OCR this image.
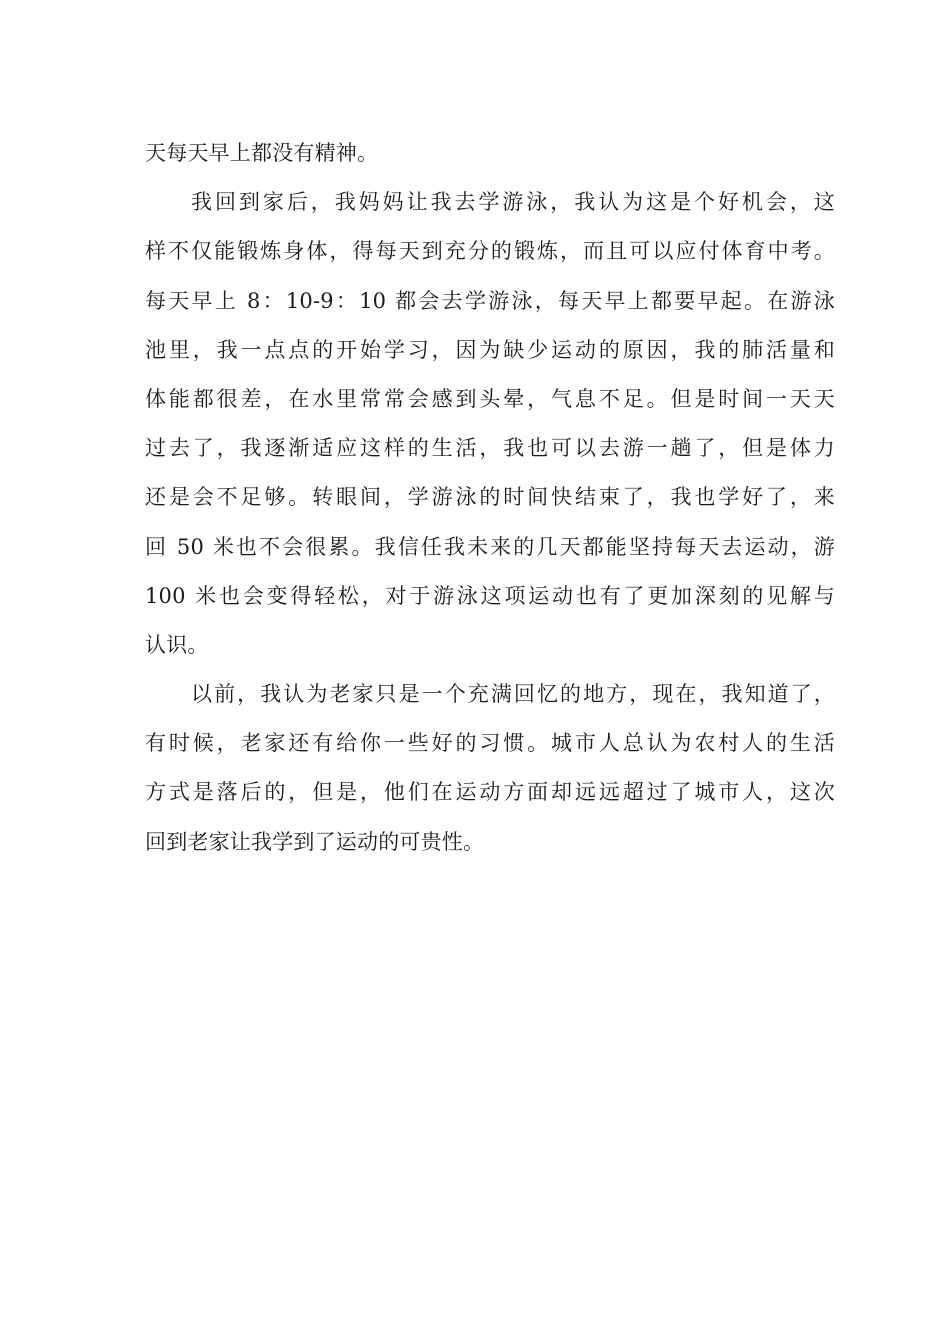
天每天早上都没有精神。
我回到家后，我妈妈让我去学游泳，我认为这是个好机会，这
样不仅能锻炼身体，得每天到充分的锻炼，而且可以应付体育中考。
每天早上 8：10-9：10 都会去学游泳，每天早上都要早起。在游泳
池里，我一点点的开始学习，因为缺少运动的原因，我的肺活量和
体能都很差，在水里常常会感到头晕，气息不足。但是时间一天天
过去了，我逐渐适应这样的生活，我也可以去游一趟了，但是体力
还是会不足够。转眼间，学游泳的时间快结束了，我也学好了，来
回 50 米也不会很累。我信任我未来的几天都能坚持每天去运动，游
100 米也会变得轻松，对于游泳这项运动也有了更加深刻的见解与
认识。
以前，我认为老家只是一个充满回忆的地方，现在，我知道了，
有时候，老家还有给你一些好的习惯。城市人总认为农村人的生活
方式是落后的，但是，他们在运动方面却远远超过了城市人，这次
回到老家让我学到了运动的可贵性。
